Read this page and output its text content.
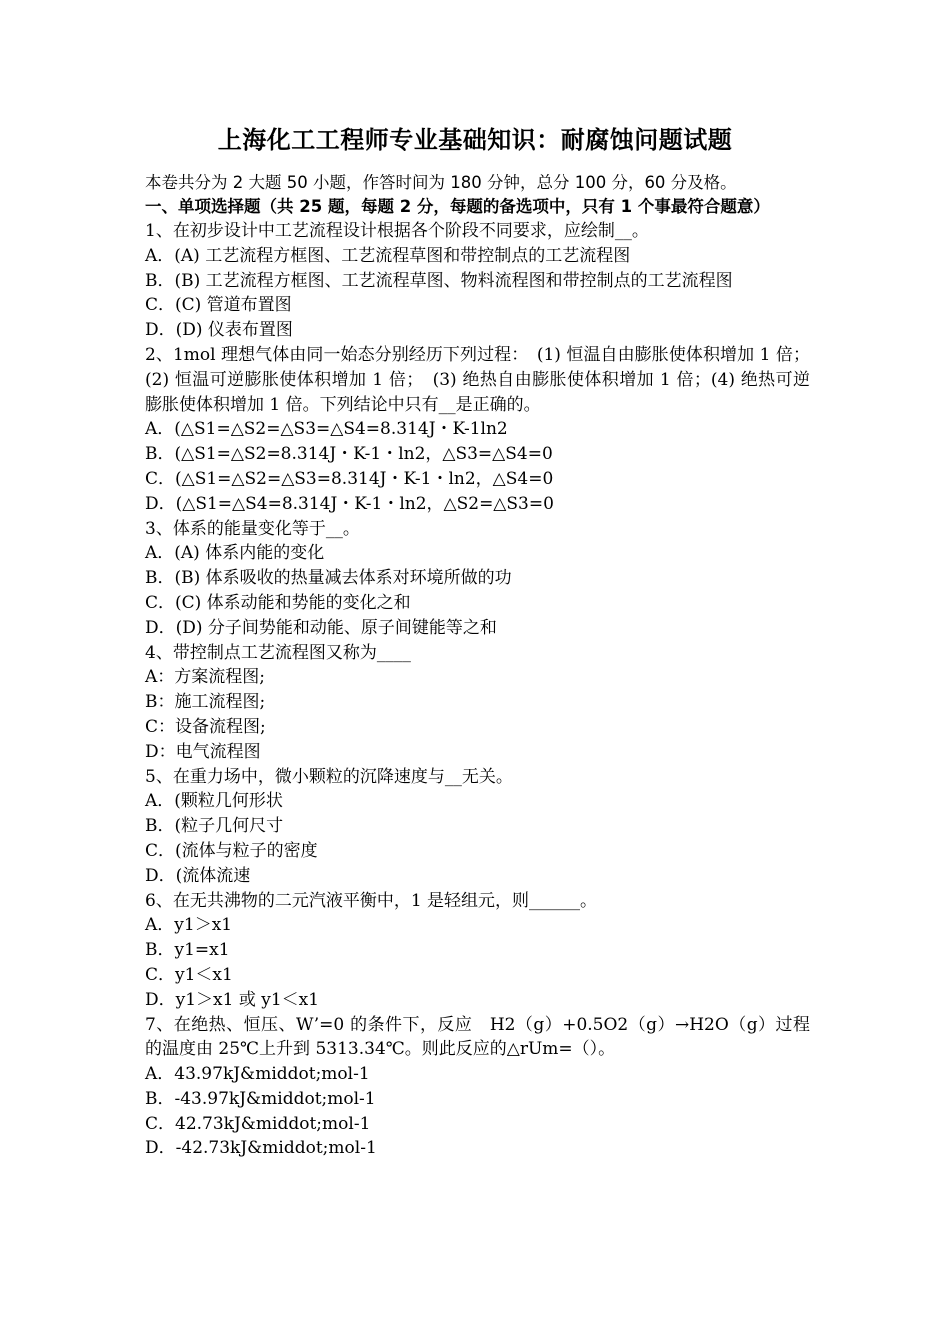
上海化工工程师专业基础知识：耐腐蚀问题试题
本卷共分为 2 大题 50 小题，作答时间为 180 分钟，总分 100 分，60 分及格。
一、单项选择题（共 25 题，每题 2 分，每题的备选项中，只有 1 个事最符合题意）
1、在初步设计中工艺流程设计根据各个阶段不同要求，应绘制__。
A．(A) 工艺流程方框图、工艺流程草图和带控制点的工艺流程图
B．(B) 工艺流程方框图、工艺流程草图、物料流程图和带控制点的工艺流程图
C．(C) 管道布置图
D．(D) 仪表布置图
2、1mol 理想气体由同一始态分别经历下列过程：　(1) 恒温自由膨胀使体积增加 1 倍；(2) 恒温可逆膨胀使体积增加 1 倍；　(3) 绝热自由膨胀使体积增加 1 倍；(4) 绝热可逆膨胀使体积增加 1 倍。下列结论中只有__是正确的。
A．(△S1=△S2=△S3=△S4=8.314J・K-1ln2
B．(△S1=△S2=8.314J・K-1・ln2，△S3=△S4=0
C．(△S1=△S2=△S3=8.314J・K-1・ln2，△S4=0
D．(△S1=△S4=8.314J・K-1・ln2，△S2=△S3=0
3、体系的能量变化等于__。
A．(A) 体系内能的变化
B．(B) 体系吸收的热量减去体系对环境所做的功
C．(C) 体系动能和势能的变化之和
D．(D) 分子间势能和动能、原子间键能等之和
4、带控制点工艺流程图又称为____
A：方案流程图;
B：施工流程图;
C：设备流程图;
D：电气流程图
5、在重力场中，微小颗粒的沉降速度与__无关。
A．(颗粒几何形状
B．(粒子几何尺寸
C．(流体与粒子的密度
D．(流体流速
6、在无共沸物的二元汽液平衡中，1 是轻组元，则______。
A．y1＞x1
B．y1=x1
C．y1＜x1
D．y1＞x1 或 y1＜x1
7、在绝热、恒压、W’=0 的条件下，反应　H2（g）+0.5O2（g）→H2O（g）过程的温度由 25℃上升到 5313.34℃。则此反应的△rUm=（）。
A．43.97kJ&middot;mol-1
B．-43.97kJ&middot;mol-1
C．42.73kJ&middot;mol-1
D．-42.73kJ&middot;mol-1
